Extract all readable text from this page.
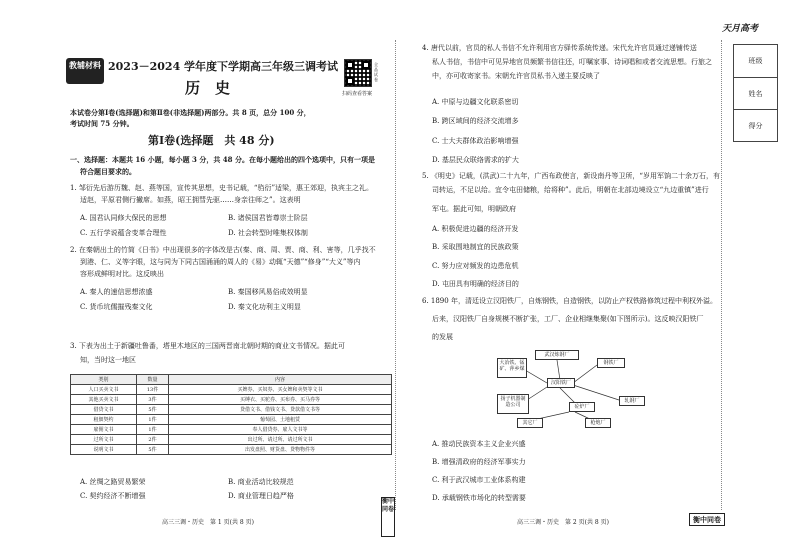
教辅材料 2023－2024 学年度下学期高三年级三调考试
历　史	扫码查看答案
全品试卷
本试卷分第Ⅰ卷(选择题)和第Ⅱ卷(非选择题)两部分。共 8 页，总分 100 分，
考试时间 75 分钟。
第Ⅰ卷(选择题　共 48 分)
一、选择题：本题共 16 小题，每小题 3 分，共 48 分。在每小题给出的四个选项中，只有一项是
符合题目要求的。
1. 邹衍先后游历魏、赵、燕等国，宣传其思想，史书记载，“驺衍”适梁，惠王郊迎，执宾主之礼。
适赵，平原君侧行撇席。如燕，昭王拥彗先驱……身亲往师之”。这表明
A. 国君认同修大保民的思想	B. 诸侯国君皆尊崇士阶层
C. 五行学说蕴含变革合理性	D. 社会转型时唯集权体制
2. 在秦朝出土的竹简《日书》中出现很多的字体改是古(秦、商、周、贾、商、利、害等，几乎找不
到港、仁、义等字眼，这与同为下同古国涌涌的周人的《易》动辄“天德”“修身”“大义”等内
容形成鲜明对比。这反映出
A. 秦人的速信思想浓盛	B. 秦国移风易俗成效明显
C. 货币坑儒摧残秦文化	D. 秦文化功利主义明显
3. 下表为出土于新疆吐鲁番，塔里木地区的三国两晋南北朝时期的商业文书情况。据此可
知，当时这一地区
A. 丝绸之路贸易繁荣	B. 商业活动比较规范
C. 契约经济不断增强	D. 商业管理日趋严格
高三三调・历史　第 1 页(共 8 页)
类别	数量	内容
人口买卖文书	13件	买婢券、买奴券、买女婢和卖契等文书
其他买卖文书	3件	买缚衣、买驼券、买布券、买马券等
借贷文书	5件	贷借文书、借钱文书、贷款借文书等
租佃契约	1件	葡萄园、土地租赁
雇佣文书	1件	奉人借贷券、雇人文书等
过所文书	2件	出过所、请过所、请过所文书
说明文书	5件	出发盘照、财货盘、贷物物件等
衡中同卷
天月高考
4. 唐代以前，官员的私人书信不允许利用官方驿传系统传递。宋代允许官员通过递铺传送
私人书信，书信中可见异地官员频繁书信往还，叮嘱家事、诗词唱和或者交流思想。行旅之
中，亦可收寄家书。宋朝允许官员私书入递主要反映了
A. 中原与边疆文化联系密切
B. 跨区域间的经济交流增多
C. 士大夫群体政治影响增强
D. 基层民众联络需求的扩大
5. 《明史》记载，(洪武)二十九年，广西布政使言，新设南丹等卫所，“岁用军饷二十余万石，有
司转运，不足以给。宜令屯田储粮，给将种”。此后，明朝在北部边境设立“九边重镇”进行
军屯。据此可知，明朝政府
A. 积极促进边疆的经济开发
B. 采取围地制宜的民族政策
C. 努力应对频发的边患危机
D. 屯田具有明确的经济目的
6. 1890 年，清廷设立汉阳铁厂，自炼钢铁，自造钢铁，以防止产权铁路修筑过程中利权外溢。
后来，汉阳铁厂自身规模不断扩张，工厂、企业相继集聚(如下图所示)。这反映汉阳铁厂
的发展
武汉炼钢厂
大冶铁、锰矿、萍乡煤
汉阳铁厂
钢铁厂
扬子机器制造公司	砼炉厂
轧钢厂
其它厂	枪炮厂
A. 推动民族资本主义企业兴盛
B. 增强清政府的经济军事实力
C. 利于武汉城市工业体系构建
D. 承载钢铁市场化的转型需要
高三三调・历史　第 2 页(共 8 页)	衡中同卷
班级
姓名
得分
